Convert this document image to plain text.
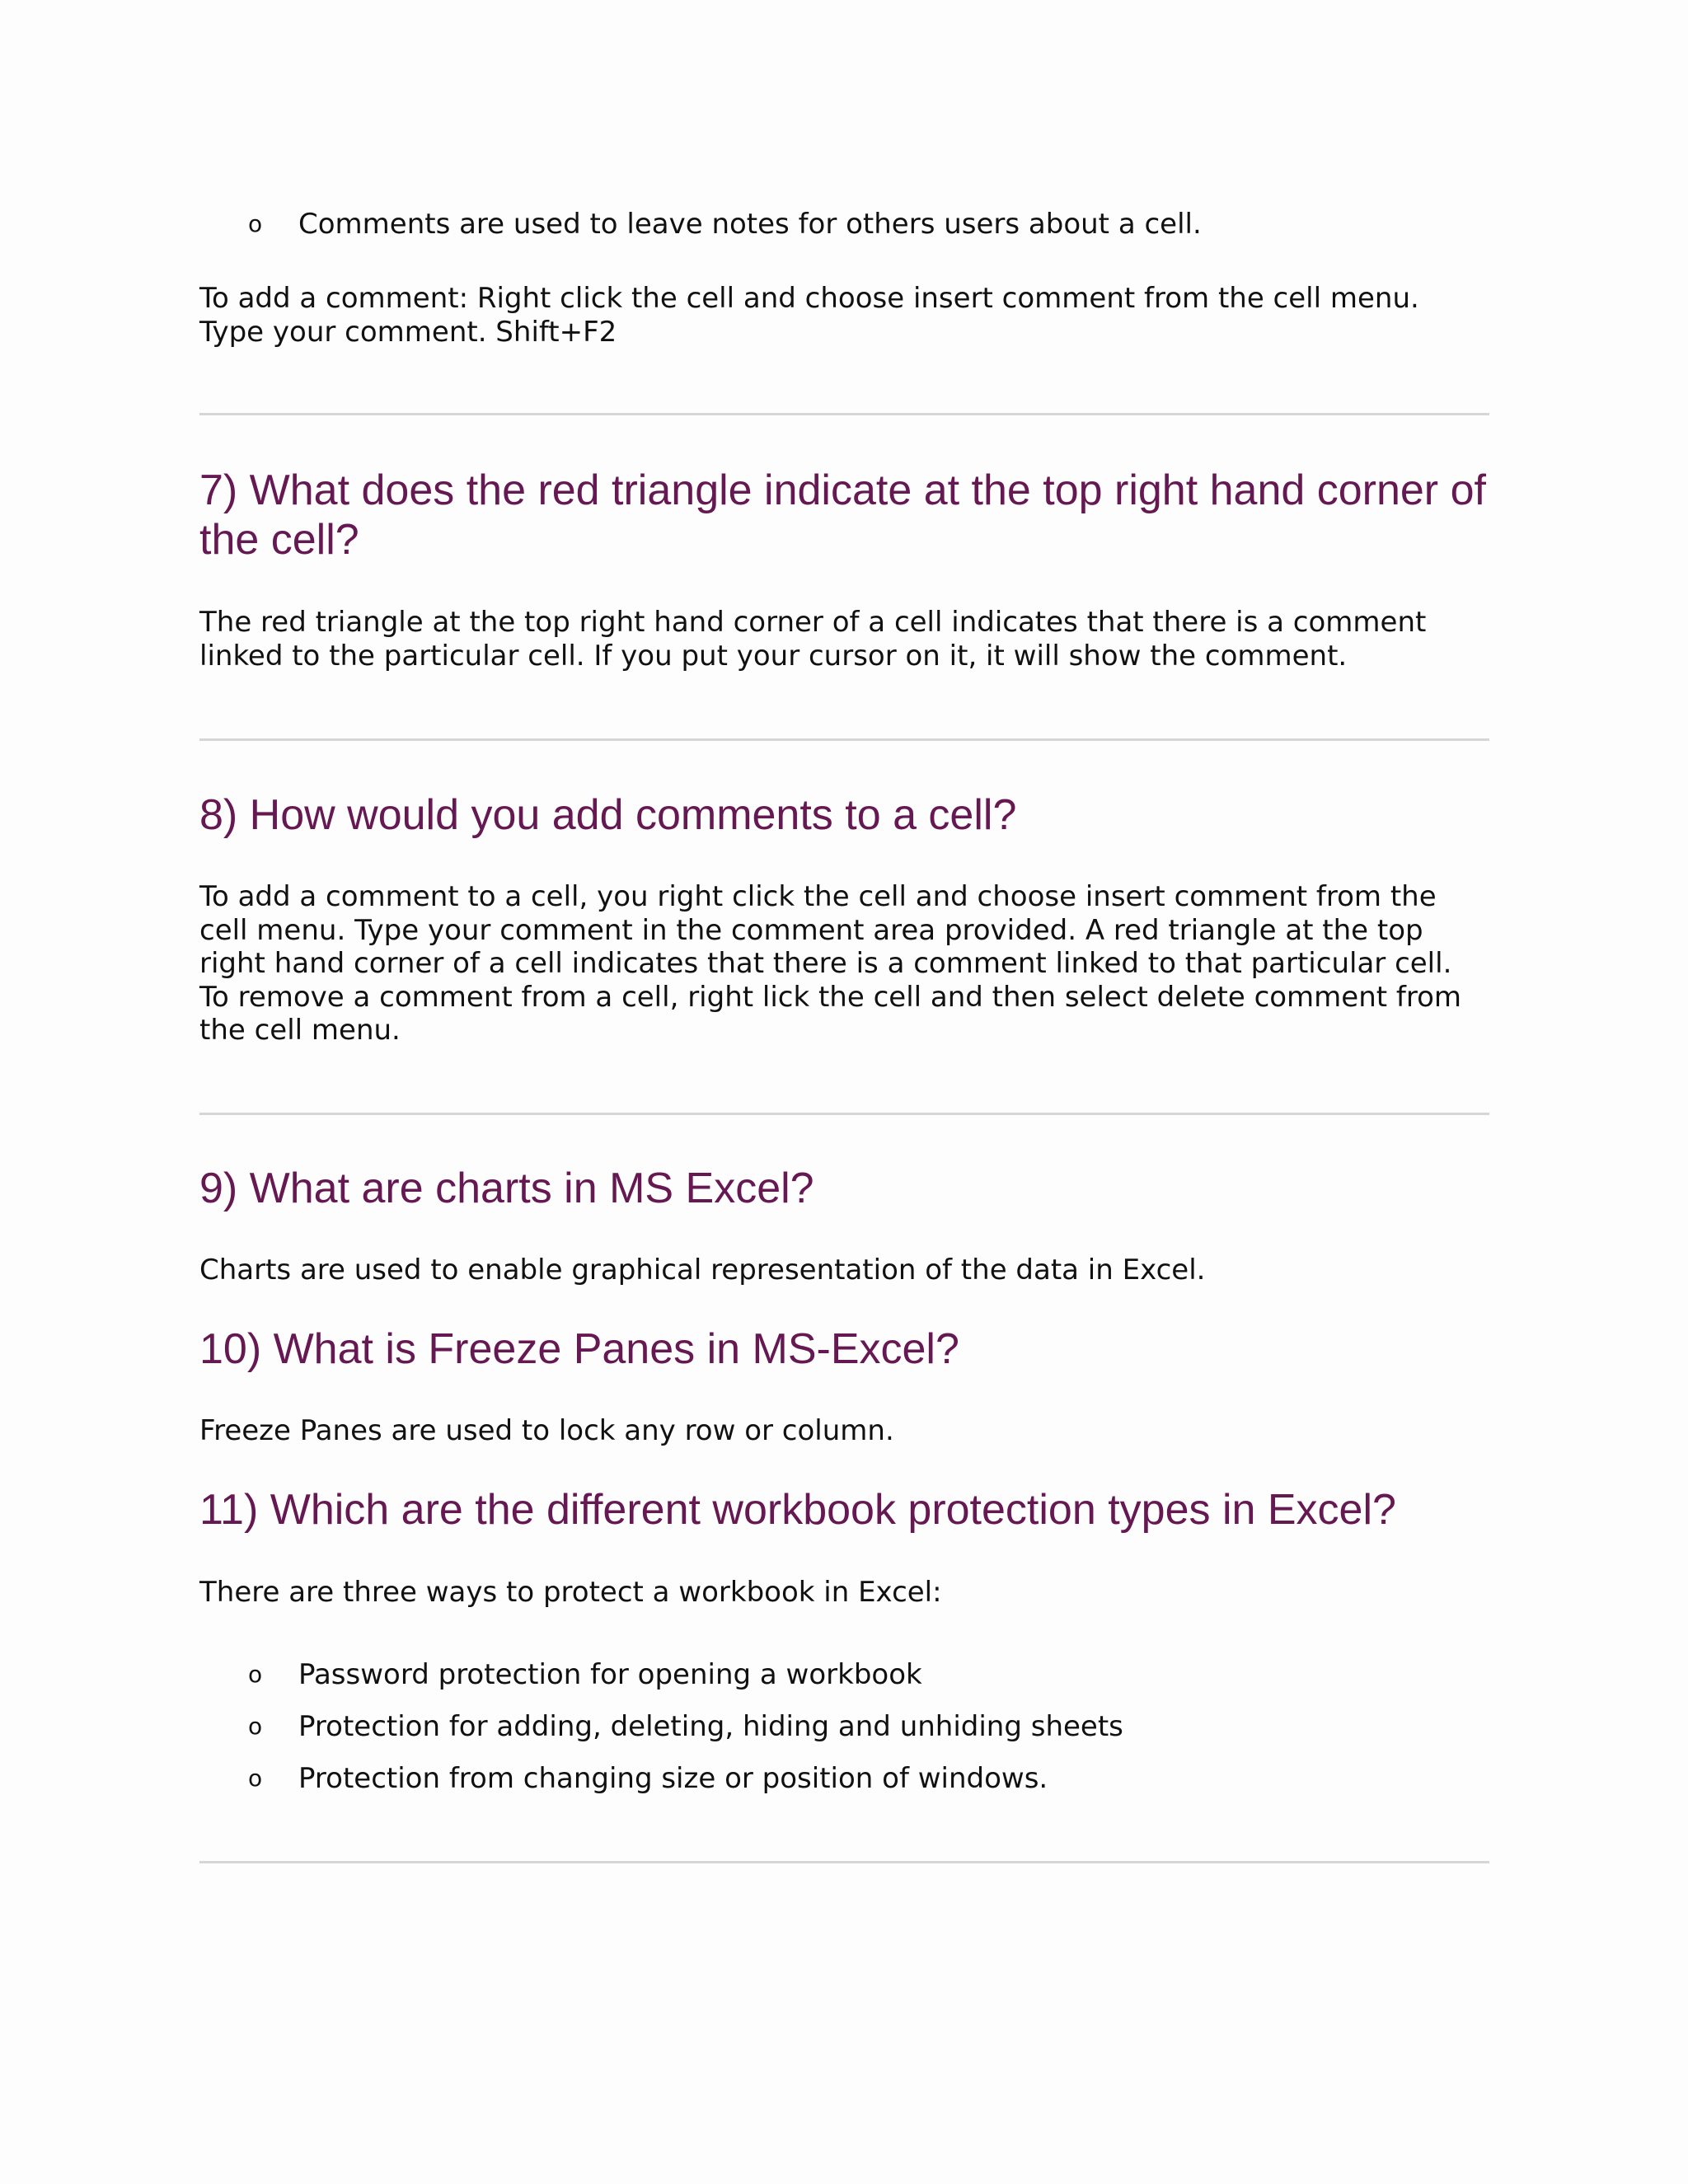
o Comments are used to leave notes for others users about a cell.

To add a comment: Right click the cell and choose insert comment from the cell menu. Type your comment. Shift+F2

7) What does the red triangle indicate at the top right hand corner of the cell?

The red triangle at the top right hand corner of a cell indicates that there is a comment linked to the particular cell. If you put your cursor on it, it will show the comment.

8) How would you add comments to a cell?

To add a comment to a cell, you right click the cell and choose insert comment from the cell menu. Type your comment in the comment area provided. A red triangle at the top right hand corner of a cell indicates that there is a comment linked to that particular cell. To remove a comment from a cell, right lick the cell and then select delete comment from the cell menu.

9) What are charts in MS Excel?

Charts are used to enable graphical representation of the data in Excel.

10) What is Freeze Panes in MS-Excel?

Freeze Panes are used to lock any row or column.

11) Which are the different workbook protection types in Excel?

There are three ways to protect a workbook in Excel:

o Password protection for opening a workbook
o Protection for adding, deleting, hiding and unhiding sheets
o Protection from changing size or position of windows.
